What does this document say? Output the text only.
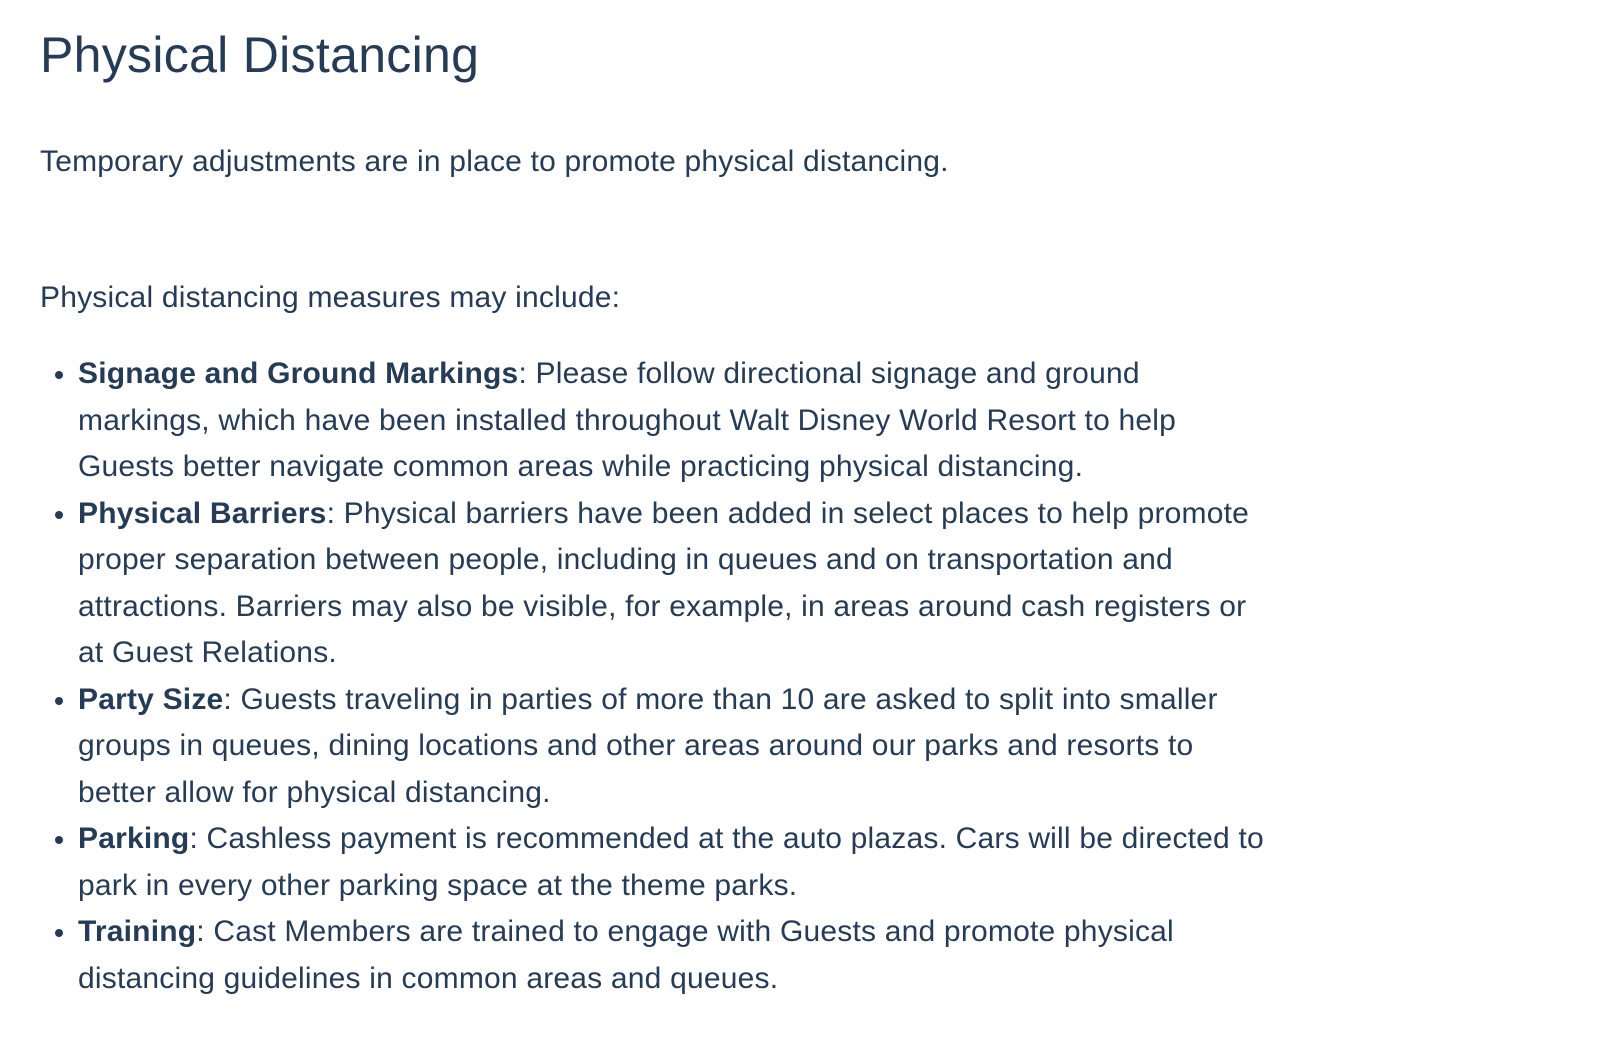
Physical Distancing

Temporary adjustments are in place to promote physical distancing.

Physical distancing measures may include:

• Signage and Ground Markings: Please follow directional signage and ground
markings, which have been installed throughout Walt Disney World Resort to help
Guests better navigate common areas while practicing physical distancing.
• Physical Barriers: Physical barriers have been added in select places to help promote
proper separation between people, including in queues and on transportation and
attractions. Barriers may also be visible, for example, in areas around cash registers or
at Guest Relations.
• Party Size: Guests traveling in parties of more than 10 are asked to split into smaller
groups in queues, dining locations and other areas around our parks and resorts to
better allow for physical distancing.
• Parking: Cashless payment is recommended at the auto plazas. Cars will be directed to
park in every other parking space at the theme parks.
• Training: Cast Members are trained to engage with Guests and promote physical
distancing guidelines in common areas and queues.
